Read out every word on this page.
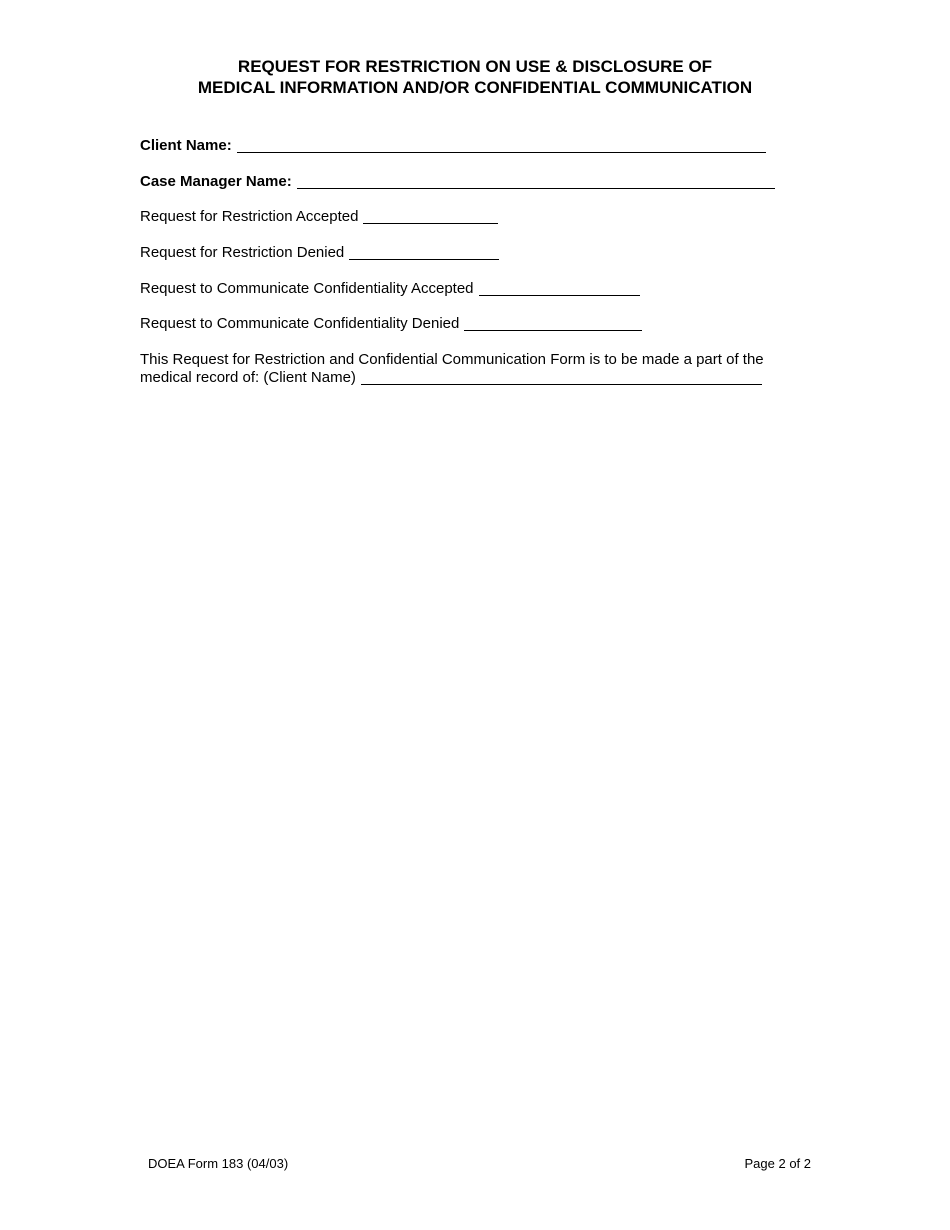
REQUEST FOR RESTRICTION ON USE & DISCLOSURE OF
MEDICAL INFORMATION AND/OR CONFIDENTIAL COMMUNICATION
Client Name:
Case Manager Name:
Request for Restriction Accepted
Request for Restriction Denied
Request to Communicate Confidentiality Accepted
Request to Communicate Confidentiality Denied
This Request for Restriction and Confidential Communication Form is to be made a part of the
medical record of: (Client Name)
DOEA Form 183 (04/03)	Page 2 of 2
